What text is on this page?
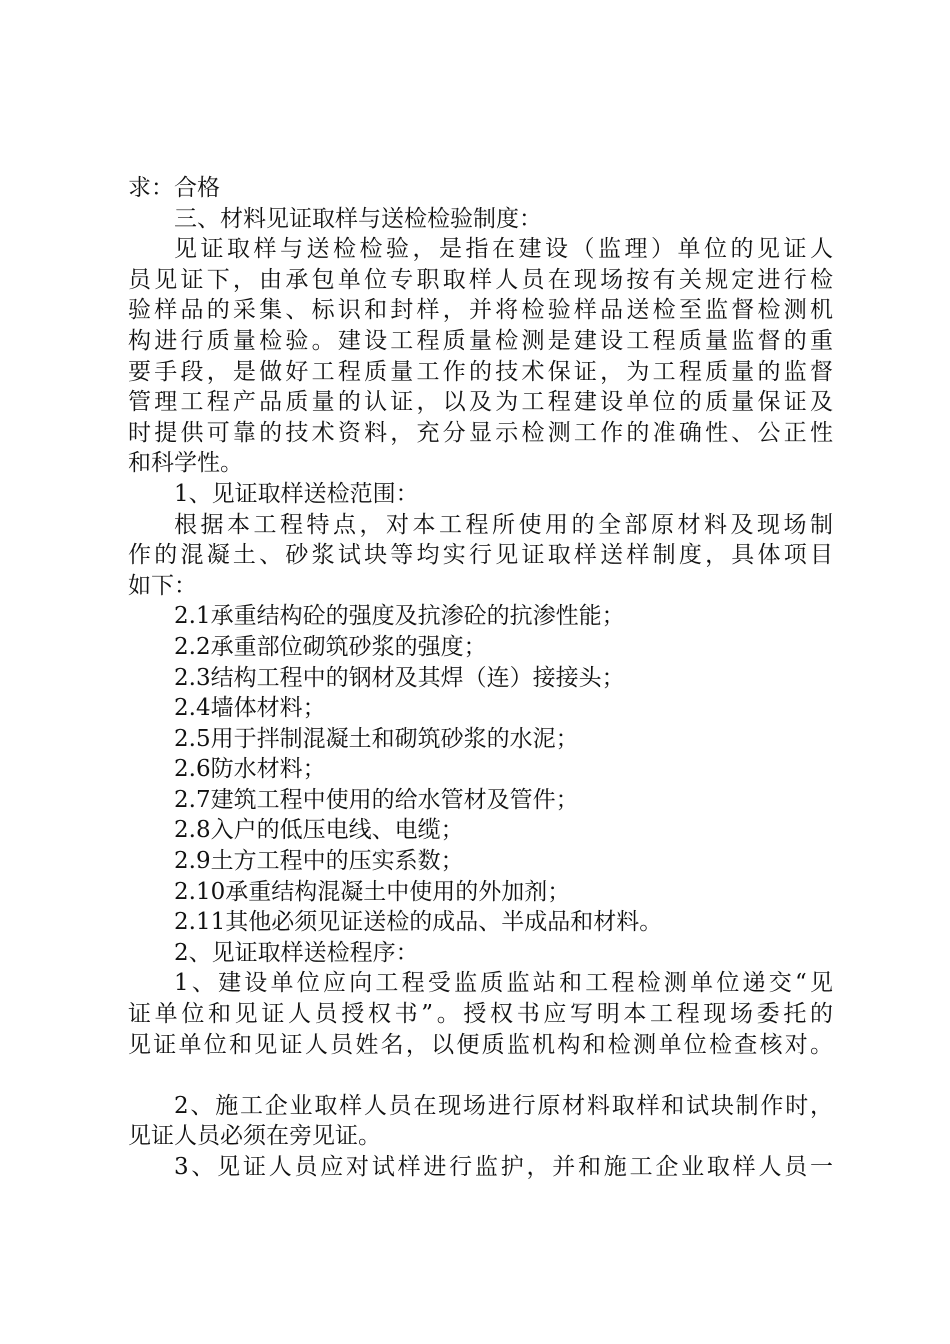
求：合格
三、材料见证取样与送检检验制度：
见证取样与送检检验，是指在建设（监理）单位的见证人
员见证下，由承包单位专职取样人员在现场按有关规定进行检
验样品的采集、标识和封样，并将检验样品送检至监督检测机
构进行质量检验。建设工程质量检测是建设工程质量监督的重
要手段，是做好工程质量工作的技术保证，为工程质量的监督
管理工程产品质量的认证，以及为工程建设单位的质量保证及
时提供可靠的技术资料，充分显示检测工作的准确性、公正性
和科学性。
1、见证取样送检范围：
根据本工程特点，对本工程所使用的全部原材料及现场制
作的混凝土、砂浆试块等均实行见证取样送样制度，具体项目
如下：
2.1承重结构砼的强度及抗渗砼的抗渗性能；
2.2承重部位砌筑砂浆的强度；
2.3结构工程中的钢材及其焊（连）接接头；
2.4墙体材料；
2.5用于拌制混凝土和砌筑砂浆的水泥；
2.6防水材料；
2.7建筑工程中使用的给水管材及管件；
2.8入户的低压电线、电缆；
2.9土方工程中的压实系数；
2.10承重结构混凝土中使用的外加剂；
2.11其他必须见证送检的成品、半成品和材料。
2、见证取样送检程序：
1、建设单位应向工程受监质监站和工程检测单位递交“见
证单位和见证人员授权书”。授权书应写明本工程现场委托的
见证单位和见证人员姓名，以便质监机构和检测单位检查核对。
2、施工企业取样人员在现场进行原材料取样和试块制作时，
见证人员必须在旁见证。
3、见证人员应对试样进行监护，并和施工企业取样人员一
